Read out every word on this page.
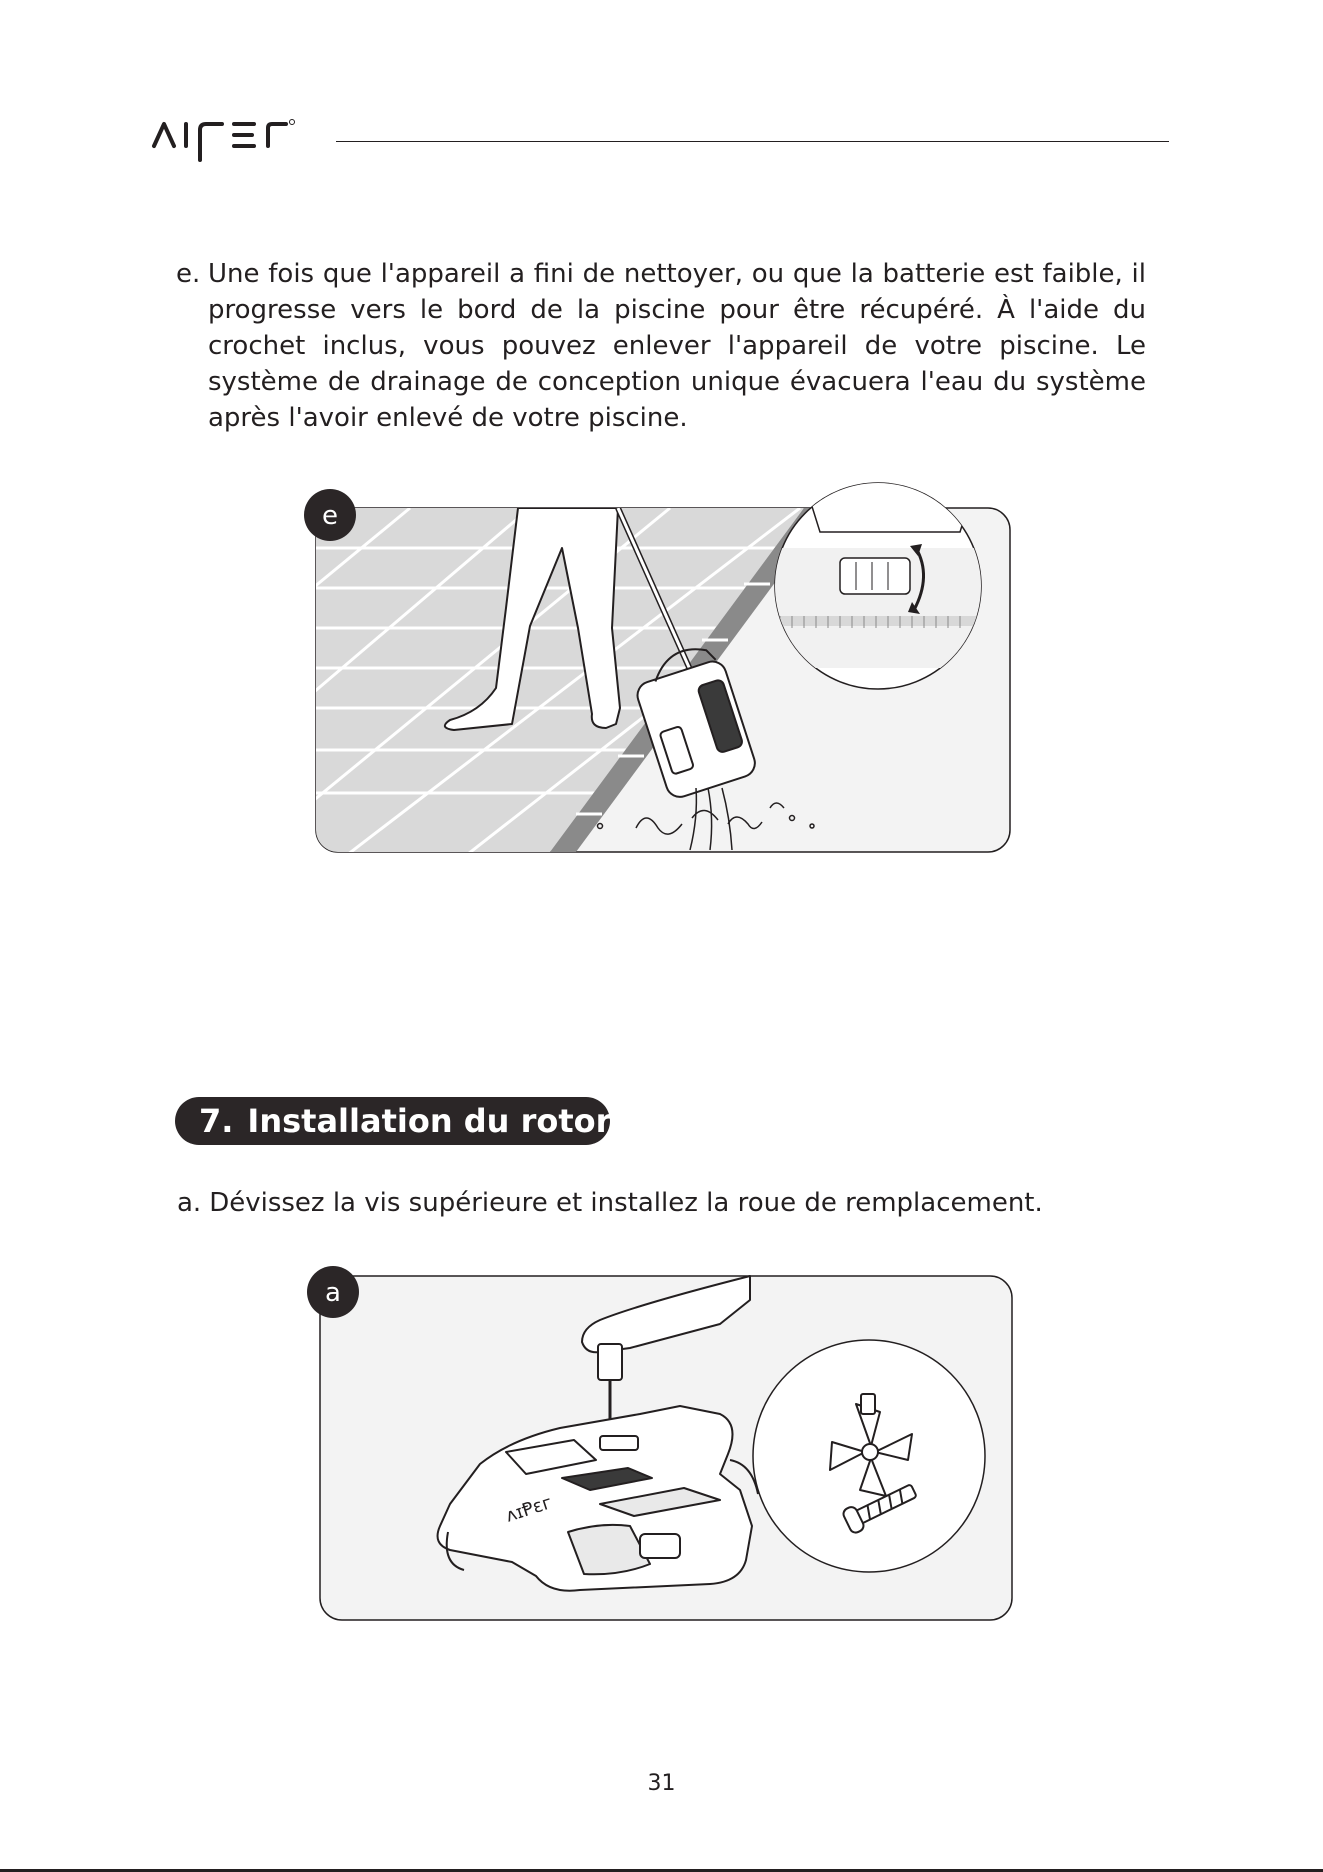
e. Une fois que l'appareil a fini de nettoyer, ou que la batterie est faible, il progresse vers le bord de la piscine pour être récupéré. À l'aide du crochet inclus, vous pouvez enlever l'appareil de votre piscine. Le système de drainage de conception unique évacuera l'eau du système après l'avoir enlevé de votre piscine.
e
7. Installation du rotor
a. Dévissez la vis supérieure et installez la roue de remplacement.
ʌɪⱣεг
a
31
